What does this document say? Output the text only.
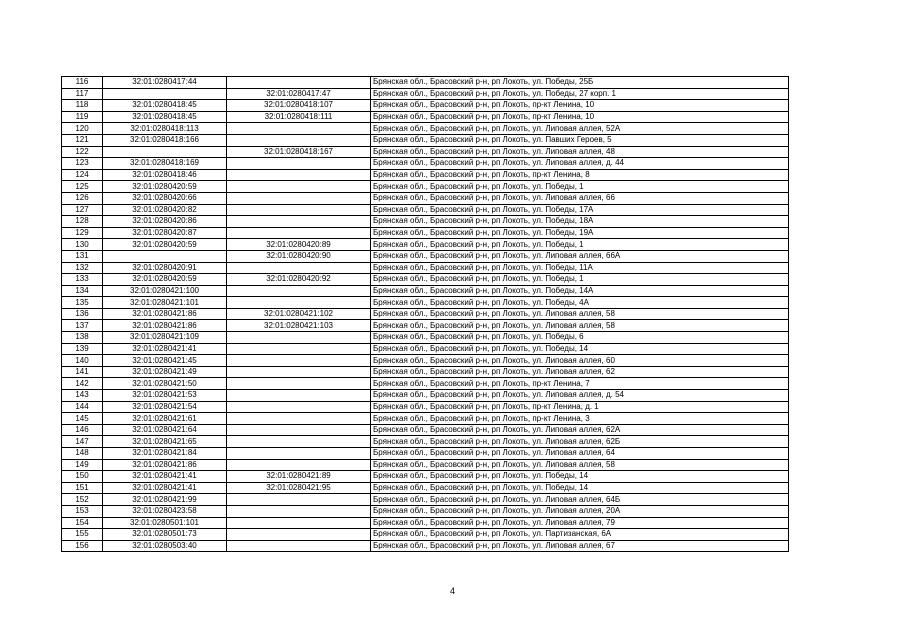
116	32:01:0280417:44		Брянская обл., Брасовский р-н, рп Локоть, ул. Победы, 25Б
117		32:01:0280417:47	Брянская обл., Брасовский р-н, рп Локоть, ул. Победы, 27 корп. 1
118	32:01:0280418:45	32:01:0280418:107	Брянская обл., Брасовский р-н, рп Локоть, пр-кт Ленина, 10
119	32:01:0280418:45	32:01:0280418:111	Брянская обл., Брасовский р-н, рп Локоть, пр-кт Ленина, 10
120	32:01:0280418:113		Брянская обл., Брасовский р-н, рп Локоть, ул. Липовая аллея, 52А
121	32:01:0280418:166		Брянская обл., Брасовский р-н, рп Локоть, ул. Павших Героев, 5
122		32:01:0280418:167	Брянская обл., Брасовский р-н, рп Локоть, ул. Липовая аллея, 48
123	32:01:0280418:169		Брянская обл., Брасовский р-н, рп Локоть, ул. Липовая аллея, д. 44
124	32:01:0280418:46		Брянская обл., Брасовский р-н, рп Локоть, пр-кт Ленина, 8
125	32:01:0280420:59		Брянская обл., Брасовский р-н, рп Локоть, ул. Победы, 1
126	32:01:0280420:66		Брянская обл., Брасовский р-н, рп Локоть, ул. Липовая аллея, 66
127	32:01:0280420:82		Брянская обл., Брасовский р-н, рп Локоть, ул. Победы, 17А
128	32:01:0280420:86		Брянская обл., Брасовский р-н, рп Локоть, ул. Победы, 18А
129	32:01:0280420:87		Брянская обл., Брасовский р-н, рп Локоть, ул. Победы, 19А
130	32:01:0280420:59	32:01:0280420:89	Брянская обл., Брасовский р-н, рп Локоть, ул. Победы, 1
131		32:01:0280420:90	Брянская обл., Брасовский р-н, рп Локоть, ул. Липовая аллея, 66А
132	32:01:0280420:91		Брянская обл., Брасовский р-н, рп Локоть, ул. Победы, 11А
133	32:01:0280420:59	32:01:0280420:92	Брянская обл., Брасовский р-н, рп Локоть, ул. Победы, 1
134	32:01:0280421:100		Брянская обл., Брасовский р-н, рп Локоть, ул. Победы, 14А
135	32:01:0280421:101		Брянская обл., Брасовский р-н, рп Локоть, ул. Победы, 4А
136	32:01:0280421:86	32:01:0280421:102	Брянская обл., Брасовский р-н, рп Локоть, ул. Липовая аллея, 58
137	32:01:0280421:86	32:01:0280421:103	Брянская обл., Брасовский р-н, рп Локоть, ул. Липовая аллея, 58
138	32:01:0280421:109		Брянская обл., Брасовский р-н, рп Локоть, ул. Победы, 6
139	32:01:0280421:41		Брянская обл., Брасовский р-н, рп Локоть, ул. Победы, 14
140	32:01:0280421:45		Брянская обл., Брасовский р-н, рп Локоть, ул. Липовая аллея, 60
141	32:01:0280421:49		Брянская обл., Брасовский р-н, рп Локоть, ул. Липовая аллея, 62
142	32:01:0280421:50		Брянская обл., Брасовский р-н, рп Локоть, пр-кт Ленина, 7
143	32:01:0280421:53		Брянская обл., Брасовский р-н, рп Локоть, ул. Липовая аллея, д. 54
144	32:01:0280421:54		Брянская обл., Брасовский р-н, рп Локоть, пр-кт Ленина, д. 1
145	32:01:0280421:61		Брянская обл., Брасовский р-н, рп Локоть, пр-кт Ленина, 3
146	32:01:0280421:64		Брянская обл., Брасовский р-н, рп Локоть, ул. Липовая аллея, 62А
147	32:01:0280421:65		Брянская обл., Брасовский р-н, рп Локоть, ул. Липовая аллея, 62Б
148	32:01:0280421:84		Брянская обл., Брасовский р-н, рп Локоть, ул. Липовая аллея, 64
149	32:01:0280421:86		Брянская обл., Брасовский р-н, рп Локоть, ул. Липовая аллея, 58
150	32:01:0280421:41	32:01:0280421:89	Брянская обл., Брасовский р-н, рп Локоть, ул. Победы, 14
151	32:01:0280421:41	32:01:0280421:95	Брянская обл., Брасовский р-н, рп Локоть, ул. Победы, 14
152	32:01:0280421:99		Брянская обл., Брасовский р-н, рп Локоть, ул. Липовая аллея, 64Б
153	32:01:0280423:58		Брянская обл., Брасовский р-н, рп Локоть, ул. Липовая аллея, 20А
154	32:01:0280501:101		Брянская обл., Брасовский р-н, рп Локоть, ул. Липовая аллея, 79
155	32:01:0280501:73		Брянская обл., Брасовский р-н, рп Локоть, ул. Партизанская, 6А
156	32:01:0280503:40		Брянская обл., Брасовский р-н, рп Локоть, ул. Липовая аллея, 67
4
